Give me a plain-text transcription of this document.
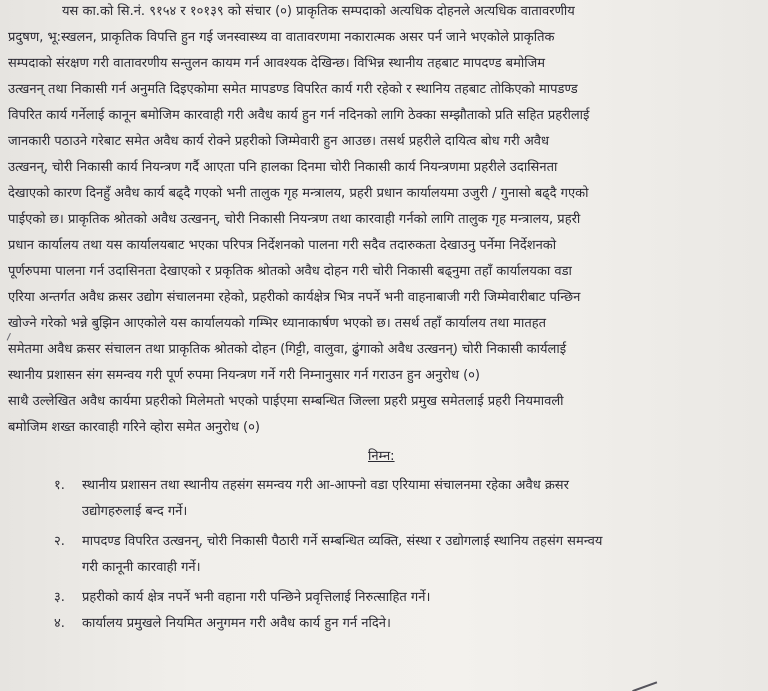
यस का.को सि.नं. ९१५४ र १०१३९ को संचार (०) प्राकृतिक सम्पदाको अत्यधिक दोहनले अत्यधिक वातावरणीय
प्रदुषण, भू:स्खलन, प्राकृतिक विपत्ति हुन गई जनस्वास्थ्य वा वातावरणमा नकारात्मक असर पर्न जाने भएकोले प्राकृतिक
सम्पदाको संरक्षण गरी वातावरणीय सन्तुलन कायम गर्न आवश्यक देखिन्छ। विभिन्न स्थानीय तहबाट मापदण्ड बमोजिम
उत्खनन् तथा निकासी गर्न अनुमति दिइएकोमा समेत मापडण्ड विपरित कार्य गरी रहेको र स्थानिय तहबाट तोकिएको मापडण्ड
विपरित कार्य गर्नेलाई कानून बमोजिम कारवाही गरी अवैध कार्य हुन गर्न नदिनको लागि ठेक्का सम्झौताको प्रति सहित प्रहरीलाई
जानकारी पठाउने गरेबाट समेत अवैध कार्य रोक्ने प्रहरीको जिम्मेवारी हुन आउछ। तसर्थ प्रहरीले दायित्व बोध गरी अवैध
उत्खनन्, चोरी निकासी कार्य नियन्त्रण गर्दै आएता पनि हालका दिनमा चोरी निकासी कार्य नियन्त्रणमा प्रहरीले उदासिनता
देखाएको कारण दिनहुँ अवैध कार्य बढ्दै गएको भनी तालुक गृह मन्त्रालय, प्रहरी प्रधान कार्यालयमा उजुरी / गुनासो बढ्दै गएको
पाईएको छ। प्राकृतिक श्रोतको अवैध उत्खनन्, चोरी निकासी नियन्त्रण तथा कारवाही गर्नको लागि तालुक गृह मन्त्रालय, प्रहरी
प्रधान कार्यालय तथा यस कार्यालयबाट भएका परिपत्र निर्देशनको पालना गरी सदैव तदारुकता देखाउनु पर्नेमा निर्देशनको
पूर्णरुपमा पालना गर्न उदासिनता देखाएको र प्रकृतिक श्रोतको अवैध दोहन गरी चोरी निकासी बढ्नुमा तहाँ कार्यालयका वडा
एरिया अन्तर्गत अवैध क्रसर उद्योग संचालनमा रहेको, प्रहरीको कार्यक्षेत्र भित्र नपर्ने भनी वाहनाबाजी गरी जिम्मेवारीबाट पन्छिन
खोज्ने गरेको भन्ने बुझिन आएकोले यस कार्यालयको गम्भिर ध्यानाकार्षण भएको छ। तसर्थ तहाँ कार्यालय तथा मातहत
समेतमा अवैध क्रसर संचालन तथा प्राकृतिक श्रोतको दोहन (गिट्टी, वालुवा, ढुंगाको अवैध उत्खनन्) चोरी निकासी कार्यलाई
स्थानीय प्रशासन संग समन्वय गरी पूर्ण रुपमा नियन्त्रण गर्ने गरी निम्नानुसार गर्न गराउन हुन अनुरोध (०)
साथै उल्लेखित अवैध कार्यमा प्रहरीको मिलेमतो भएको पाईएमा सम्बन्धित जिल्ला प्रहरी प्रमुख समेतलाई प्रहरी नियमावली
बमोजिम शख्त कारवाही गरिने व्होरा समेत अनुरोध (०)
निम्न:
१. स्थानीय प्रशासन तथा स्थानीय तहसंग समन्वय गरी आ-आफ्नो वडा एरियामा संचालनमा रहेका अवैध क्रसर
उद्योगहरुलाई बन्द गर्ने।
२. मापदण्ड विपरित उत्खनन्, चोरी निकासी पैठारी गर्ने सम्बन्धित व्यक्ति, संस्था र उद्योगलाई स्थानिय तहसंग समन्वय
गरी कानूनी कारवाही गर्ने।
३. प्रहरीको कार्य क्षेत्र नपर्ने भनी वहाना गरी पन्छिने प्रवृत्तिलाई निरुत्साहित गर्ने।
४. कार्यालय प्रमुखले नियमित अनुगमन गरी अवैध कार्य हुन गर्न नदिने।
